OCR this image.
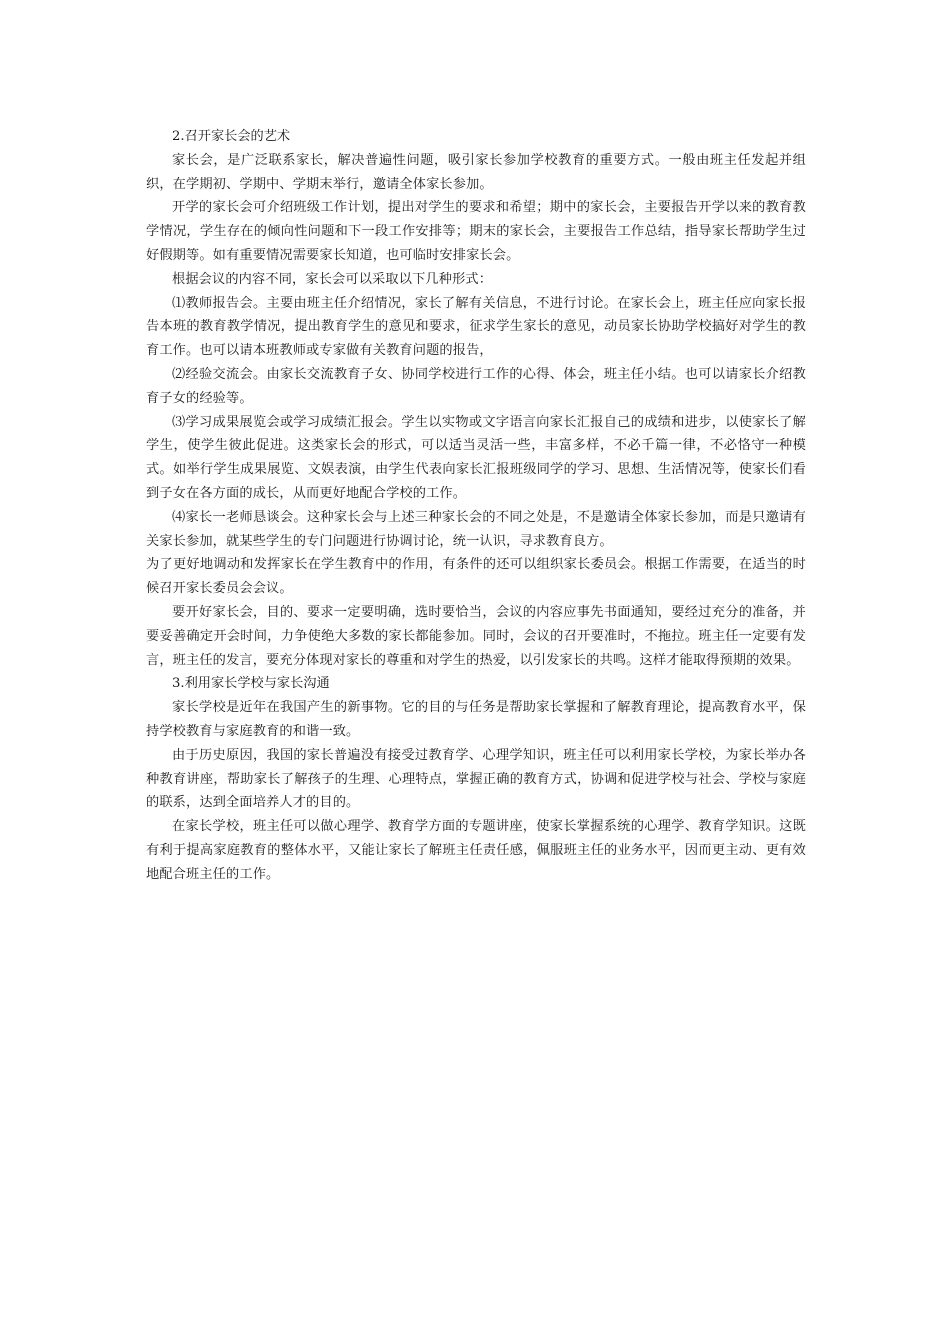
2.召开家长会的艺术

家长会，是广泛联系家长，解决普遍性问题，吸引家长参加学校教育的重要方式。一般由班主任发起并组织，在学期初、学期中、学期末举行，邀请全体家长参加。

开学的家长会可介绍班级工作计划，提出对学生的要求和希望；期中的家长会，主要报告开学以来的教育教学情况，学生存在的倾向性问题和下一段工作安排等；期末的家长会，主要报告工作总结，指导家长帮助学生过好假期等。如有重要情况需要家长知道，也可临时安排家长会。

根据会议的内容不同，家长会可以采取以下几种形式：

⑴教师报告会。主要由班主任介绍情况，家长了解有关信息，不进行讨论。在家长会上，班主任应向家长报告本班的教育教学情况，提出教育学生的意见和要求，征求学生家长的意见，动员家长协助学校搞好对学生的教育工作。也可以请本班教师或专家做有关教育问题的报告，

⑵经验交流会。由家长交流教育子女、协同学校进行工作的心得、体会，班主任小结。也可以请家长介绍教育子女的经验等。

⑶学习成果展览会或学习成绩汇报会。学生以实物或文字语言向家长汇报自己的成绩和进步，以使家长了解学生，使学生彼此促进。这类家长会的形式，可以适当灵活一些，丰富多样，不必千篇一律，不必恪守一种模式。如举行学生成果展览、文娱表演，由学生代表向家长汇报班级同学的学习、思想、生活情况等，使家长们看到子女在各方面的成长，从而更好地配合学校的工作。

⑷家长一老师恳谈会。这种家长会与上述三种家长会的不同之处是，不是邀请全体家长参加，而是只邀请有关家长参加，就某些学生的专门问题进行协调讨论，统一认识，寻求教育良方。

为了更好地调动和发挥家长在学生教育中的作用，有条件的还可以组织家长委员会。根据工作需要，在适当的时候召开家长委员会会议。

要开好家长会，目的、要求一定要明确，选时要恰当，会议的内容应事先书面通知，要经过充分的准备，并要妥善确定开会时间，力争使绝大多数的家长都能参加。同时，会议的召开要准时，不拖拉。班主任一定要有发言，班主任的发言，要充分体现对家长的尊重和对学生的热爱，以引发家长的共鸣。这样才能取得预期的效果。

3.利用家长学校与家长沟通

家长学校是近年在我国产生的新事物。它的目的与任务是帮助家长掌握和了解教育理论，提高教育水平，保持学校教育与家庭教育的和谐一致。

由于历史原因，我国的家长普遍没有接受过教育学、心理学知识，班主任可以利用家长学校，为家长举办各种教育讲座，帮助家长了解孩子的生理、心理特点，掌握正确的教育方式，协调和促进学校与社会、学校与家庭的联系，达到全面培养人才的目的。

在家长学校，班主任可以做心理学、教育学方面的专题讲座，使家长掌握系统的心理学、教育学知识。这既有利于提高家庭教育的整体水平，又能让家长了解班主任责任感，佩服班主任的业务水平，因而更主动、更有效地配合班主任的工作。
